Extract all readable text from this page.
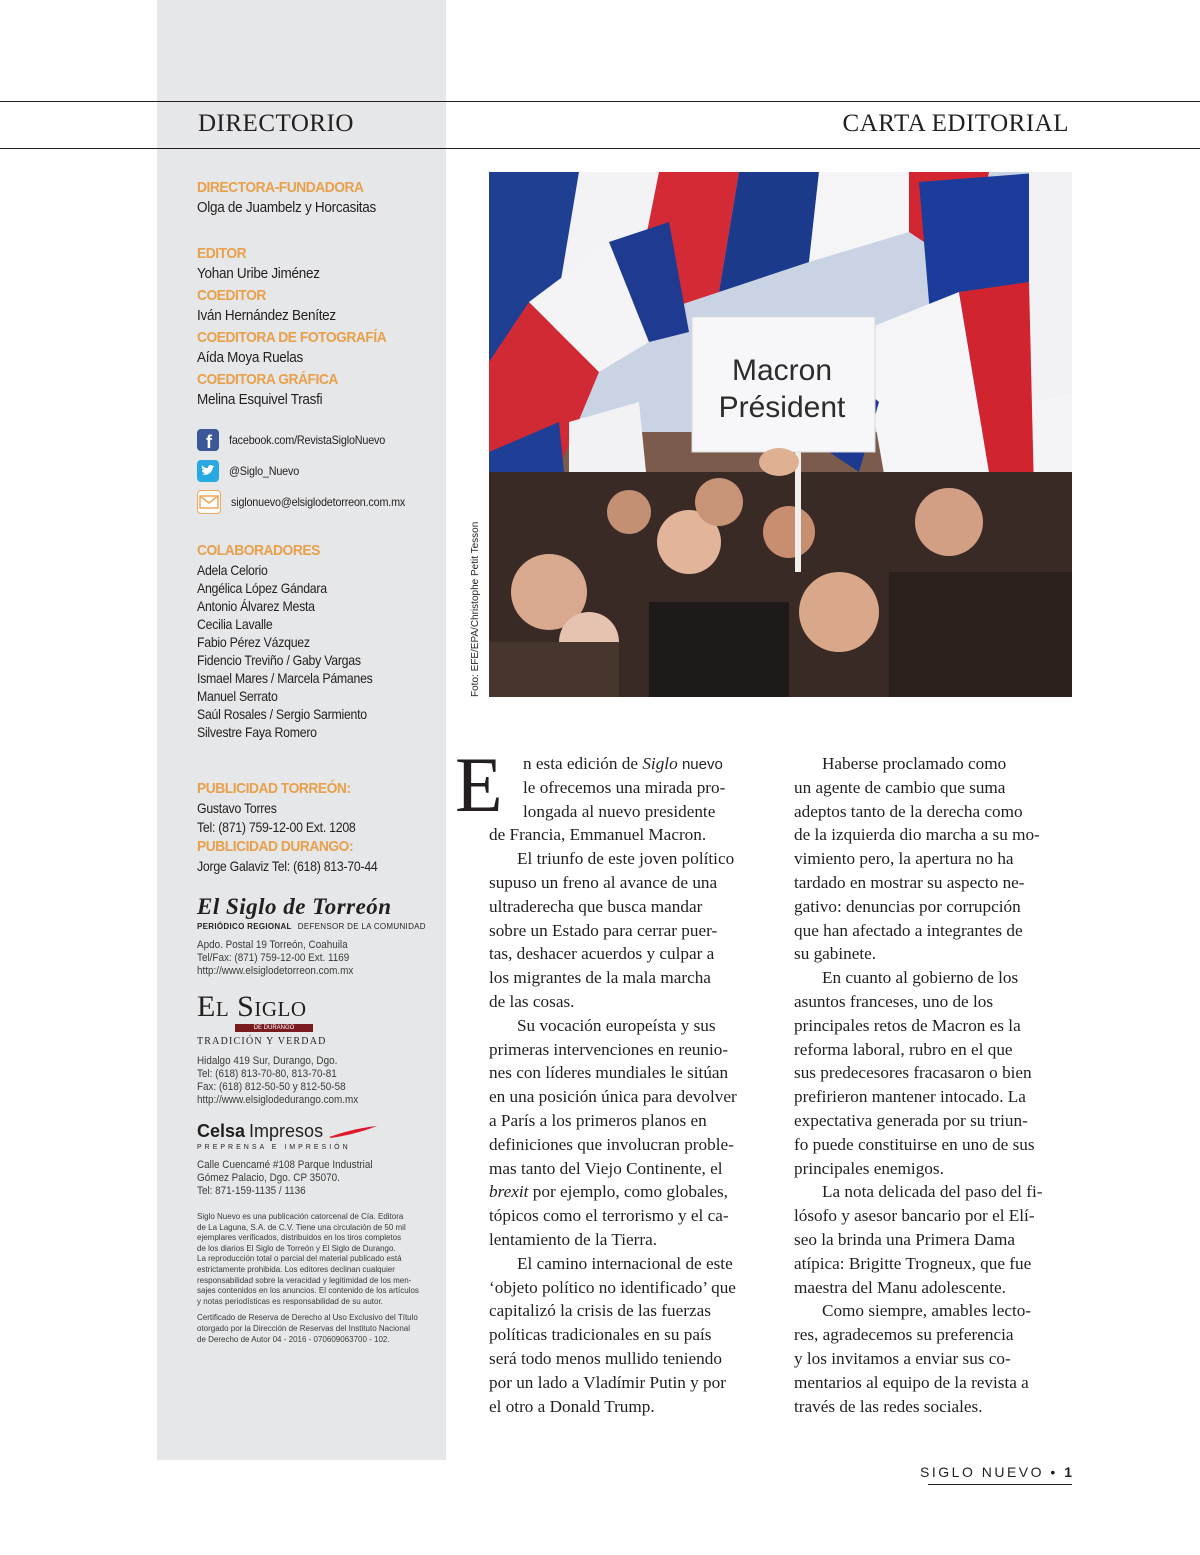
DIRECTORIO	CARTA EDITORIAL
DIRECTORA-FUNDADORA
Olga de Juambelz y Horcasitas
EDITOR
Yohan Uribe Jiménez
COEDITOR
Iván Hernández Benítez
COEDITORA DE FOTOGRAFÍA
Aída Moya Ruelas
COEDITORA GRÁFICA
Melina Esquivel Trasfi
f facebook.com/RevistaSigloNuevo
@Siglo_Nuevo
siglonuevo@elsiglodetorreon.com.mx
COLABORADORES
Adela Celorio
Angélica López Gándara
Antonio Álvarez Mesta
Cecilia Lavalle
Fabio Pérez Vázquez
Fidencio Treviño / Gaby Vargas
Ismael Mares / Marcela Pámanes
Manuel Serrato
Saúl Rosales / Sergio Sarmiento
Silvestre Faya Romero
PUBLICIDAD TORREÓN:
Gustavo Torres
Tel: (871) 759-12-00 Ext. 1208
PUBLICIDAD DURANGO:
Jorge Galaviz Tel: (618) 813-70-44
El Siglo de Torreón
PERIÓDICO REGIONAL DEFENSOR DE LA COMUNIDAD
Apdo. Postal 19 Torreón, Coahuila
Tel/Fax: (871) 759-12-00 Ext. 1169
http://www.elsiglodetorreon.com.mx
El Siglo
DE DURANGO
TRADICIÓN Y VERDAD
Hidalgo 419 Sur, Durango, Dgo.
Tel: (618) 813-70-80, 813-70-81
Fax: (618) 812-50-50 y 812-50-58
http://www.elsiglodedurango.com.mx
Celsa Impresos
PREPRENSA E IMPRESIÓN
Calle Cuencamé #108 Parque Industrial
Gómez Palacio, Dgo. CP 35070.
Tel: 871-159-1135 / 1136
Siglo Nuevo es una publicación catorcenal de Cía. Editora
de La Laguna, S.A. de C.V. Tiene una circulación de 50 mil
ejemplares verificados, distribuidos en los tiros completos
de los diarios El Siglo de Torreón y El Siglo de Durango.
La reproducción total o parcial del material publicado está
estrictamente prohibida. Los editores declinan cualquier
responsabilidad sobre la veracidad y legitimidad de los men-
sajes contenidos en los anuncios. El contenido de los artículos
y notas periodísticas es responsabilidad de su autor.
Certificado de Reserva de Derecho al Uso Exclusivo del Título
otorgado por la Dirección de Reservas del Instituto Nacional
de Derecho de Autor 04 - 2016 - 070609063700 - 102.
Macron
Président
Foto: EFE/EPA/Christophe Petit Tesson
E n esta edición de Siglo nuevo
le ofrecemos una mirada pro-
longada al nuevo presidente
de Francia, Emmanuel Macron.
El triunfo de este joven político
supuso un freno al avance de una
ultraderecha que busca mandar
sobre un Estado para cerrar puer-
tas, deshacer acuerdos y culpar a
los migrantes de la mala marcha
de las cosas.
Su vocación europeísta y sus
primeras intervenciones en reunio-
nes con líderes mundiales le sitúan
en una posición única para devolver
a París a los primeros planos en
definiciones que involucran proble-
mas tanto del Viejo Continente, el
brexit por ejemplo, como globales,
tópicos como el terrorismo y el ca-
lentamiento de la Tierra.
El camino internacional de este
‘objeto político no identificado’ que
capitalizó la crisis de las fuerzas
políticas tradicionales en su país
será todo menos mullido teniendo
por un lado a Vladímir Putin y por
el otro a Donald Trump.
Haberse proclamado como
un agente de cambio que suma
adeptos tanto de la derecha como
de la izquierda dio marcha a su mo-
vimiento pero, la apertura no ha
tardado en mostrar su aspecto ne-
gativo: denuncias por corrupción
que han afectado a integrantes de
su gabinete.
En cuanto al gobierno de los
asuntos franceses, uno de los
principales retos de Macron es la
reforma laboral, rubro en el que
sus predecesores fracasaron o bien
prefirieron mantener intocado. La
expectativa generada por su triun-
fo puede constituirse en uno de sus
principales enemigos.
La nota delicada del paso del fi-
lósofo y asesor bancario por el Elí-
seo la brinda una Primera Dama
atípica: Brigitte Trogneux, que fue
maestra del Manu adolescente.
Como siempre, amables lecto-
res, agradecemos su preferencia
y los invitamos a enviar sus co-
mentarios al equipo de la revista a
través de las redes sociales.
SIGLO NUEVO • 1
